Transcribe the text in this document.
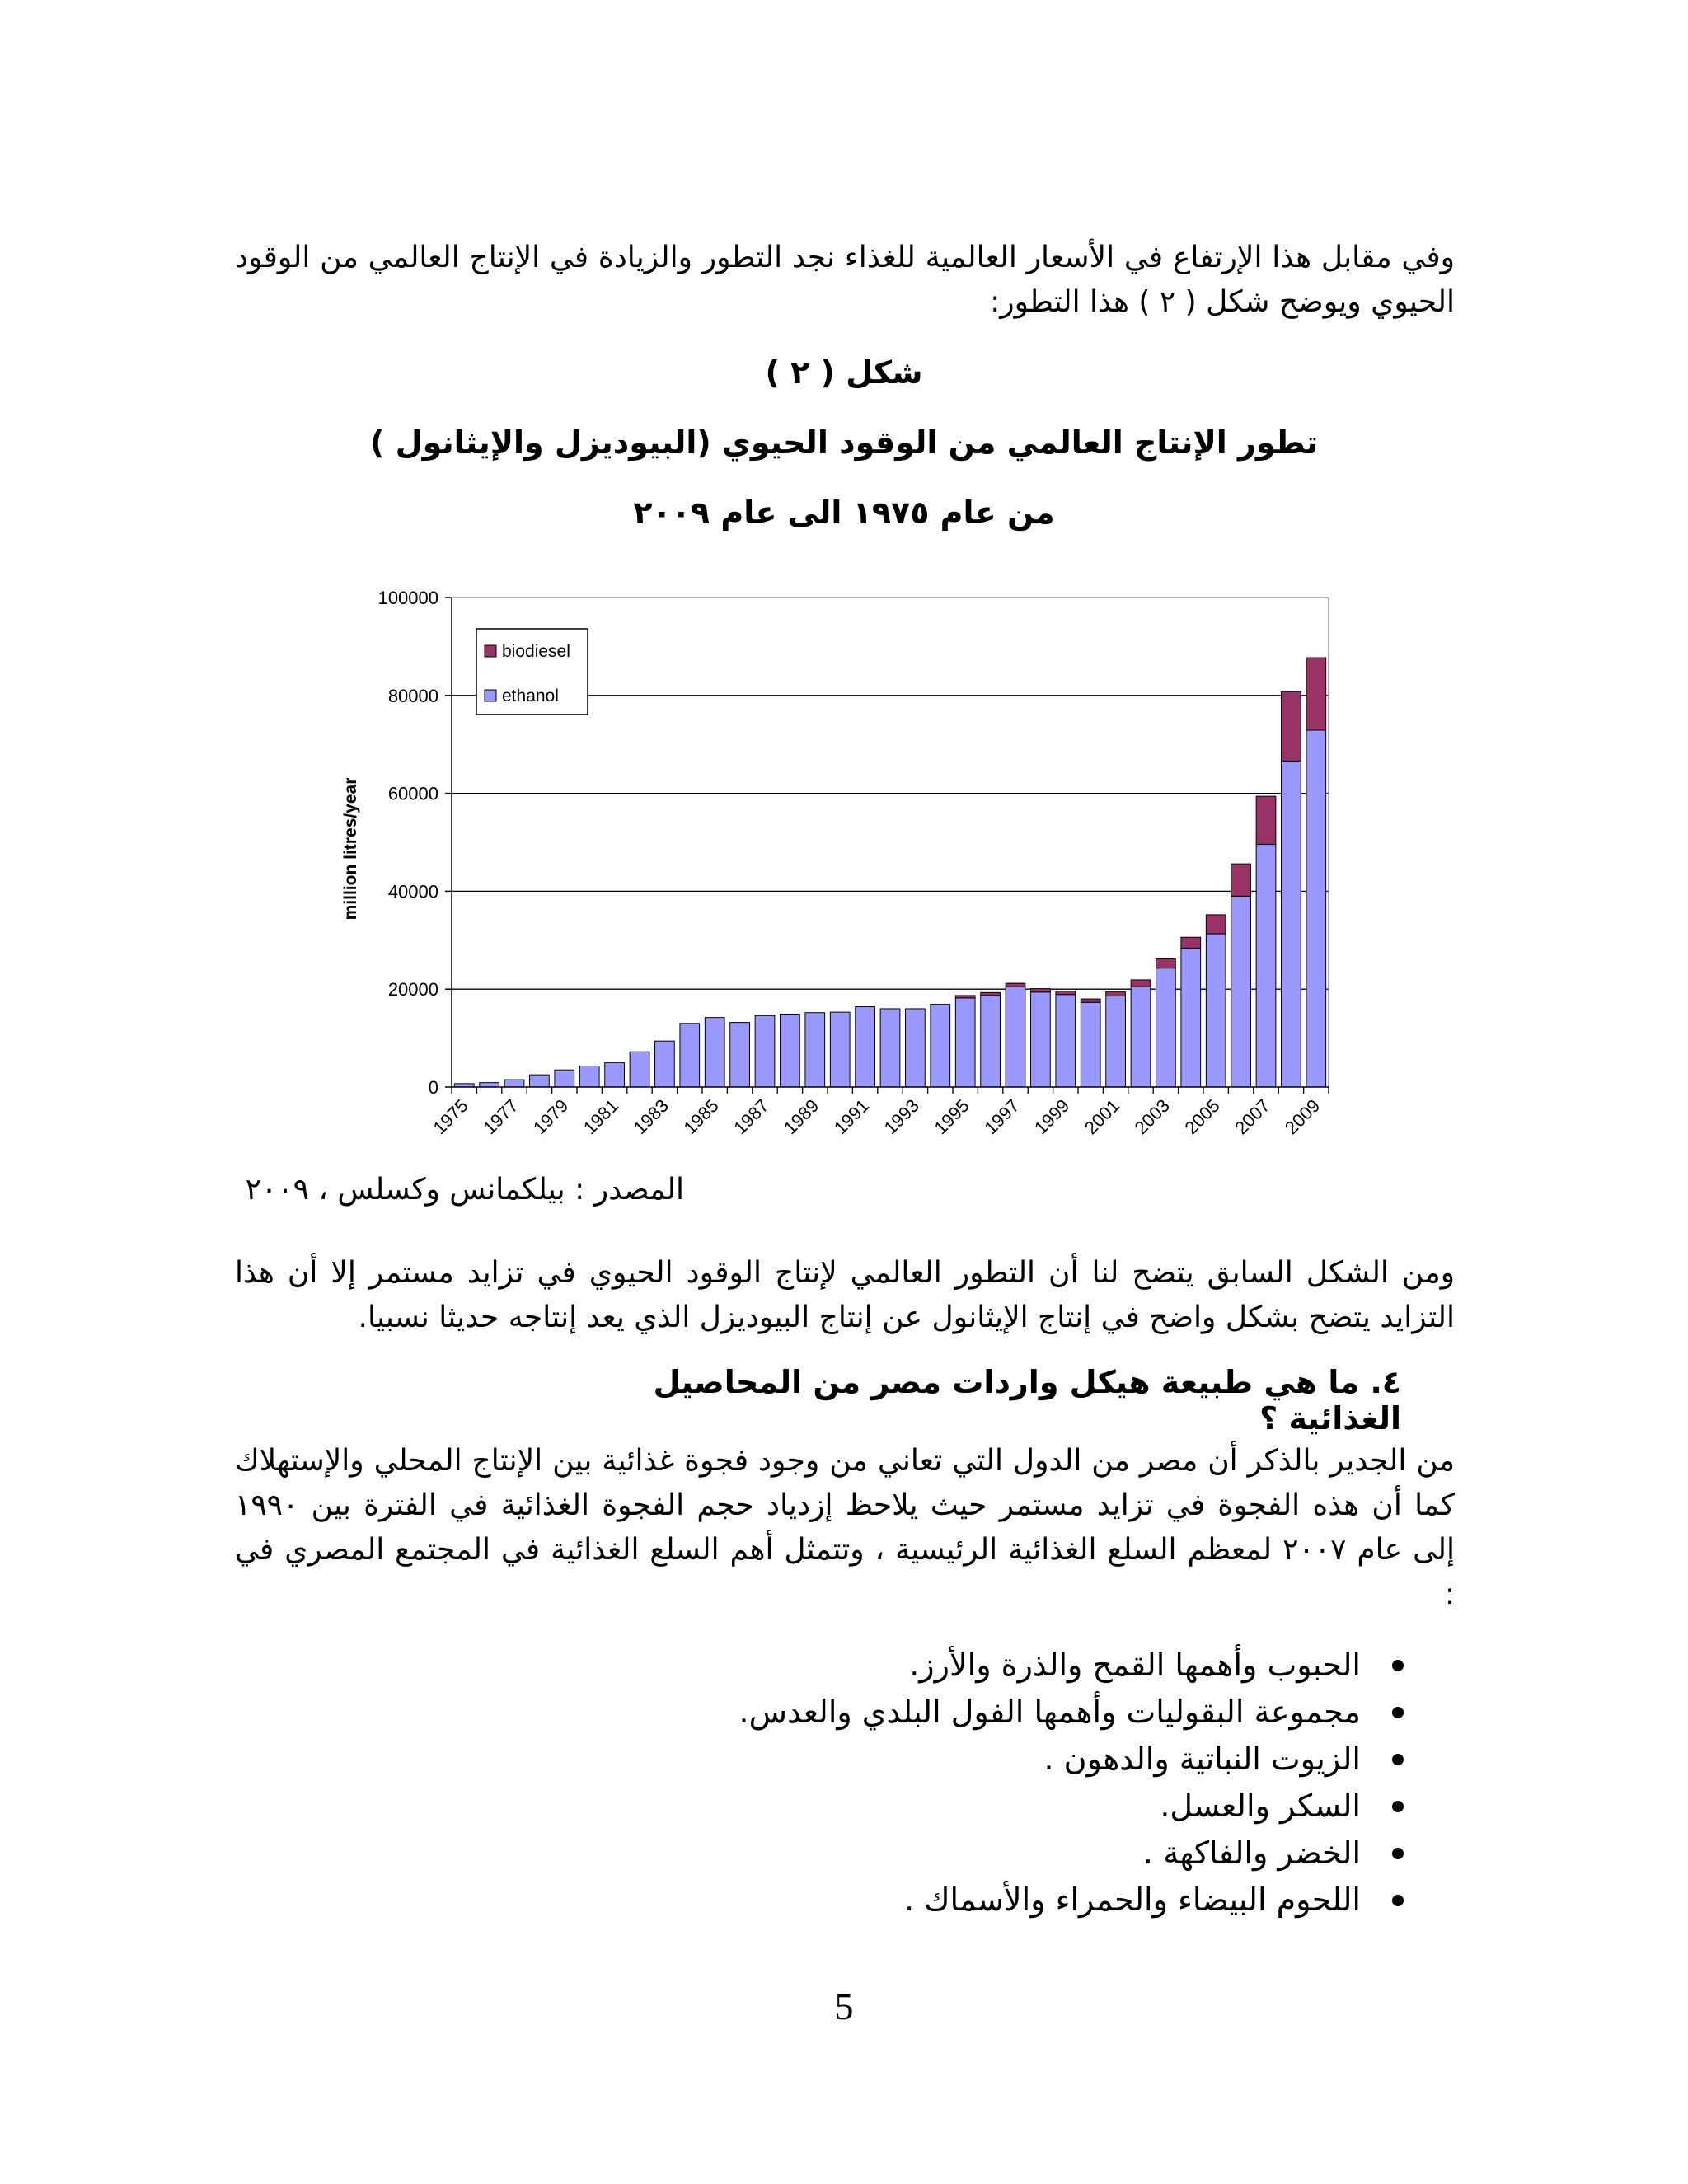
وفي مقابل هذا الإرتفاع في الأسعار العالمية للغذاء نجد التطور والزيادة في الإنتاج العالمي من الوقود الحيوي ويوضح شكل ( ٢ ) هذا التطور:
شكل ( ٢ )
تطور الإنتاج العالمي من الوقود الحيوي (البيوديزل والإيثانول )
من عام ١٩٧٥ الى عام ٢٠٠٩
0
20000
40000
60000
80000
100000
1975 1977 1979 1981 1983 1985 1987 1989 1991 1993 1995 1997 1999 2001 2003 2005 2007 2009
million litres/year
biodiesel
ethanol
المصدر : بيلكمانس وكسلس ، ٢٠٠٩
ومن الشكل السابق يتضح لنا أن التطور العالمي لإنتاج الوقود الحيوي في تزايد مستمر إلا أن هذا التزايد يتضح بشكل واضح في إنتاج الإيثانول عن إنتاج البيوديزل الذي يعد إنتاجه حديثا نسبيا.
٤. ما هي طبيعة هيكل واردات مصر من المحاصيل الغذائية ؟
من الجدير بالذكر أن مصر من الدول التي تعاني من وجود فجوة غذائية بين الإنتاج المحلي والإستهلاك كما أن هذه الفجوة في تزايد مستمر حيث يلاحظ إزدياد حجم الفجوة الغذائية في الفترة بين ١٩٩٠ إلى عام ٢٠٠٧ لمعظم السلع الغذائية الرئيسية ، وتتمثل أهم السلع الغذائية في المجتمع المصري في :
الحبوب وأهمها القمح والذرة والأرز.
مجموعة البقوليات وأهمها الفول البلدي والعدس.
الزيوت النباتية والدهون .
السكر والعسل.
الخضر والفاكهة .
اللحوم البيضاء والحمراء والأسماك .
5
